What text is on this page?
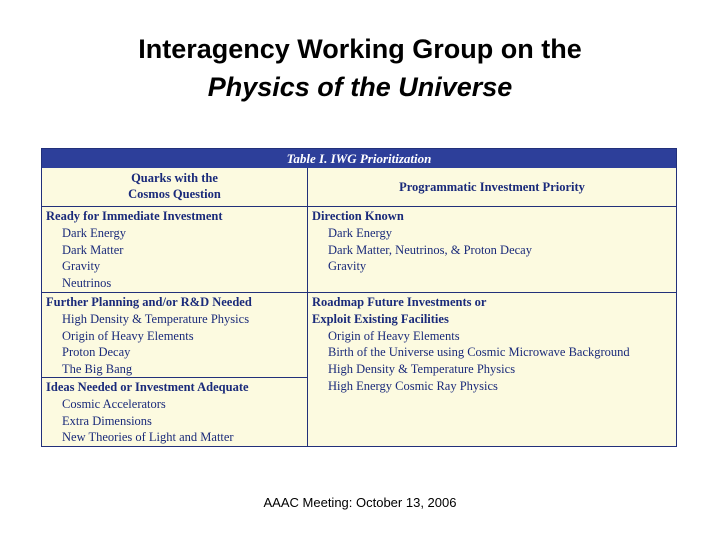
Interagency Working Group on the
Physics of the Universe
Table I. IWG Prioritization
Quarks with the Cosmos Question	Programmatic Investment Priority
Ready for Immediate Investment
Dark Energy
Dark Matter
Gravity
Neutrinos
Further Planning and/or R&D Needed
High Density & Temperature Physics
Origin of Heavy Elements
Proton Decay
The Big Bang
Ideas Needed or Investment Adequate
Cosmic Accelerators
Extra Dimensions
New Theories of Light and Matter
Direction Known
Dark Energy
Dark Matter, Neutrinos, & Proton Decay
Gravity
Roadmap Future Investments or Exploit Existing Facilities
Origin of Heavy Elements
Birth of the Universe using Cosmic Microwave Background
High Density & Temperature Physics
High Energy Cosmic Ray Physics
AAAC Meeting: October 13, 2006
